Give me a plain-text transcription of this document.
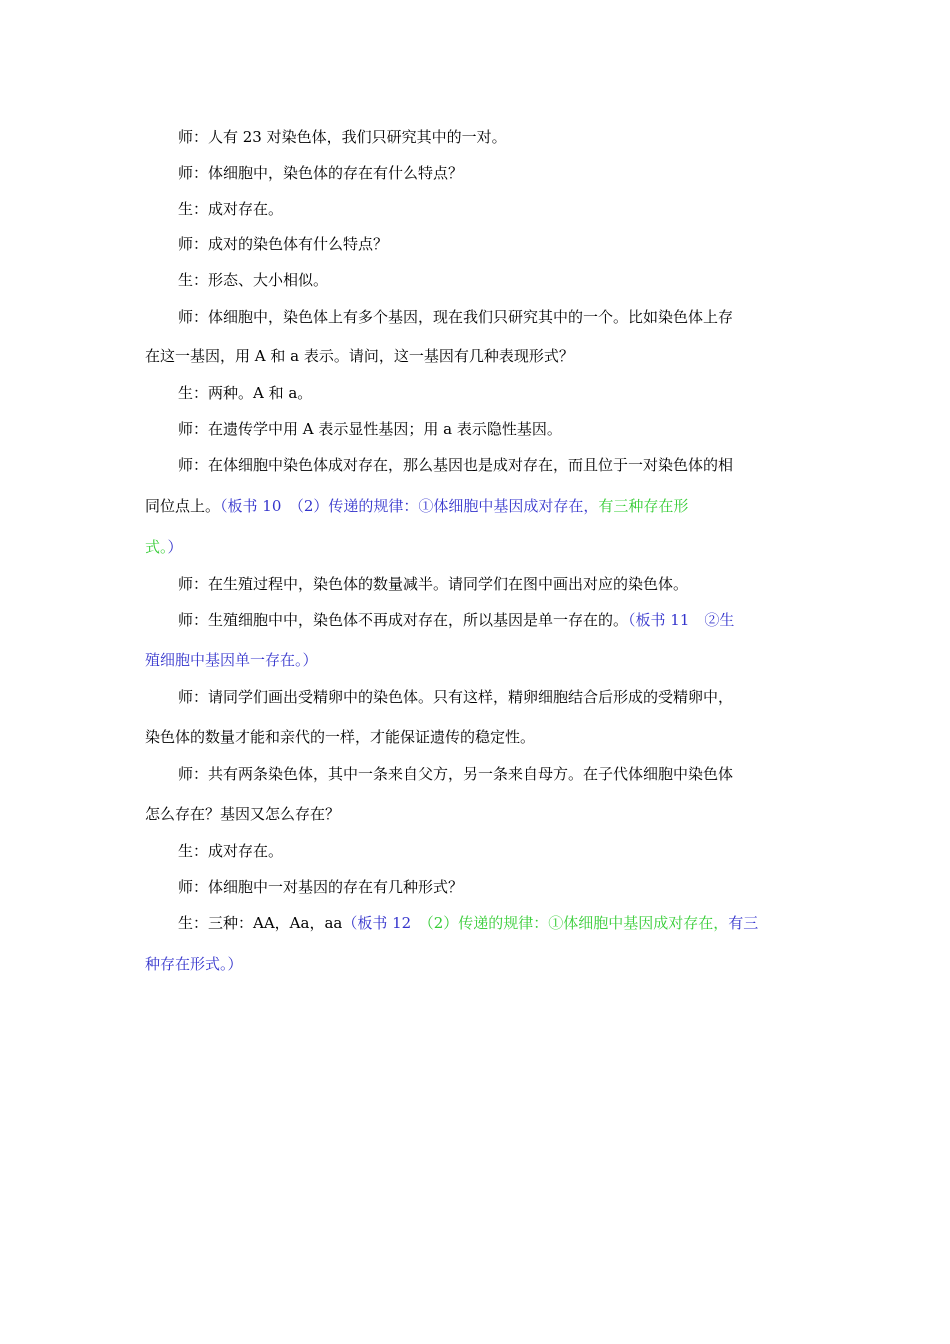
师：人有 23 对染色体，我们只研究其中的一对。
师：体细胞中，染色体的存在有什么特点？
生：成对存在。
师：成对的染色体有什么特点？
生：形态、大小相似。
师：体细胞中，染色体上有多个基因，现在我们只研究其中的一个。比如染色体上存
在这一基因，用 A 和 a 表示。请问，这一基因有几种表现形式？
生：两种。A 和 a。
师：在遗传学中用 A 表示显性基因；用 a 表示隐性基因。
师：在体细胞中染色体成对存在，那么基因也是成对存在，而且位于一对染色体的相
同位点上。（板书 10　（2）传递的规律：①体细胞中基因成对存在，有三种存在形
式。）
师：在生殖过程中，染色体的数量减半。请同学们在图中画出对应的染色体。
师：生殖细胞中中，染色体不再成对存在，所以基因是单一存在的。（板书 11　②生
殖细胞中基因单一存在。）
师：请同学们画出受精卵中的染色体。只有这样，精卵细胞结合后形成的受精卵中，
染色体的数量才能和亲代的一样，才能保证遗传的稳定性。
师：共有两条染色体，其中一条来自父方，另一条来自母方。在子代体细胞中染色体
怎么存在？基因又怎么存在？
生：成对存在。
师：体细胞中一对基因的存在有几种形式？
生：三种：AA，Aa，aa（板书 12　（2）传递的规律：①体细胞中基因成对存在，有三
种存在形式。）
